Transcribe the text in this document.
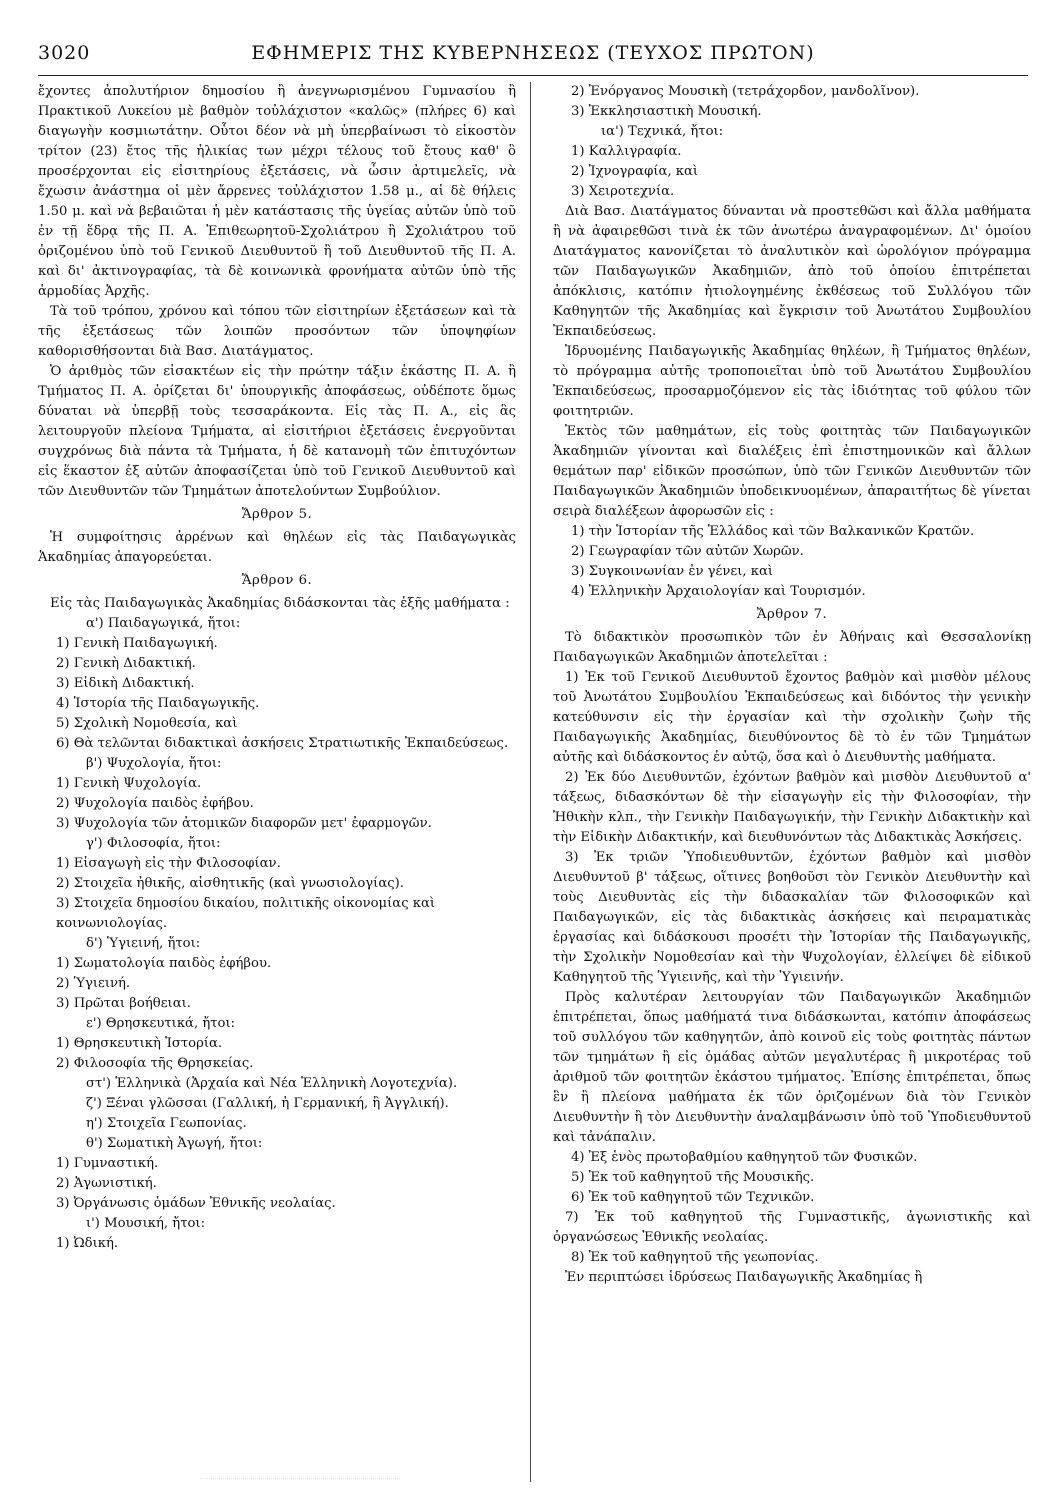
3020	ΕΦΗΜΕΡΙΣ ΤΗΣ ΚΥΒΕΡΝΗΣΕΩΣ (ΤΕΥΧΟΣ ΠΡΩΤΟΝ)

ἔχοντες ἀπολυτήριον δημοσίου ἢ ἀνεγνωρισμένου Γυμνασίου ἢ Πρακτικοῦ Λυκείου μὲ βαθμὸν τοὐλάχιστον «καλῶς» (πλήρες 6) καὶ διαγωγὴν κοσμιωτάτην. Οὗτοι δέον νὰ μὴ ὑπερβαίνωσι τὸ εἰκοστὸν τρίτον (23) ἔτος τῆς ἡλικίας των μέχρι τέλους τοῦ ἔτους καθ' ὃ προσέρχονται εἰς εἰσιτηρίους ἐξετάσεις, νὰ ὦσιν ἀρτιμελεῖς, νὰ ἔχωσιν ἀνάστημα οἱ μὲν ἄρρενες τοὐλάχιστον 1.58 μ., αἱ δὲ θήλεις 1.50 μ. καὶ νὰ βεβαιῶται ἡ μὲν κατάστασις τῆς ὑγείας αὐτῶν ὑπὸ τοῦ ἐν τῇ ἕδρᾳ τῆς Π. Α. Ἐπιθεωρητοῦ-Σχολιάτρου ἢ Σχολιάτρου τοῦ ὁριζομένου ὑπὸ τοῦ Γενικοῦ Διευθυντοῦ ἢ τοῦ Διευθυντοῦ τῆς Π. Α. καὶ δι' ἀκτινογραφίας, τὰ δὲ κοινωνικὰ φρονήματα αὐτῶν ὑπὸ τῆς ἁρμοδίας Ἀρχῆς.

Τὰ τοῦ τρόπου, χρόνου καὶ τόπου τῶν εἰσιτηρίων ἐξετάσεων καὶ τὰ τῆς ἐξετάσεως τῶν λοιπῶν προσόντων τῶν ὑποψηφίων καθορισθήσονται διὰ Βασ. Διατάγματος.

Ὁ ἀριθμὸς τῶν εἰσακτέων εἰς τὴν πρώτην τάξιν ἑκάστης Π. Α. ἢ Τμήματος Π. Α. ὁρίζεται δι' ὑπουργικῆς ἀποφάσεως, οὐδέποτε ὅμως δύναται νὰ ὑπερβῇ τοὺς τεσσαράκοντα. Εἰς τὰς Π. Α., εἰς ἃς λειτουργοῦν πλείονα Τμήματα, αἱ εἰσιτήριοι ἐξετάσεις ἐνεργοῦνται συγχρόνως διὰ πάντα τὰ Τμήματα, ἡ δὲ κατανομὴ τῶν ἐπιτυχόντων εἰς ἕκαστον ἐξ αὐτῶν ἀποφασίζεται ὑπὸ τοῦ Γενικοῦ Διευθυντοῦ καὶ τῶν Διευθυντῶν τῶν Τμημάτων ἀποτελούντων Συμβούλιον.

Ἄρθρον 5.

Ἡ συμφοίτησις ἀρρένων καὶ θηλέων εἰς τὰς Παιδαγωγικὰς Ἀκαδημίας ἀπαγορεύεται.

Ἄρθρον 6.

Εἰς τὰς Παιδαγωγικὰς Ἀκαδημίας διδάσκονται τὰς ἑξῆς μαθήματα :

α') Παιδαγωγικά, ἤτοι:
1) Γενικὴ Παιδαγωγική.
2) Γενικὴ Διδακτική.
3) Εἰδικὴ Διδακτική.
4) Ἱστορία τῆς Παιδαγωγικῆς.
5) Σχολικὴ Νομοθεσία, καὶ
6) Θὰ τελῶνται διδακτικαὶ ἀσκήσεις Στρατιωτικῆς Ἐκπαιδεύσεως.
β') Ψυχολογία, ἤτοι:
1) Γενικὴ Ψυχολογία.
2) Ψυχολογία παιδὸς ἐφήβου.
3) Ψυχολογία τῶν ἀτομικῶν διαφορῶν μετ' ἐφαρμογῶν.
γ') Φιλοσοφία, ἤτοι:
1) Εἰσαγωγὴ εἰς τὴν Φιλοσοφίαν.
2) Στοιχεῖα ἠθικῆς, αἰσθητικῆς (καὶ γνωσιολογίας).
3) Στοιχεῖα δημοσίου δικαίου, πολιτικῆς οἰκονομίας καὶ κοινωνιολογίας.
δ') Ὑγιεινή, ἤτοι:
1) Σωματολογία παιδὸς ἐφήβου.
2) Ὑγιεινή.
3) Πρῶται βοήθειαι.
ε') Θρησκευτικά, ἤτοι:
1) Θρησκευτικὴ Ἱστορία.
2) Φιλοσοφία τῆς Θρησκείας.
στ') Ἑλληνικὰ (Ἀρχαία καὶ Νέα Ἑλληνικὴ Λογοτεχνία).
ζ') Ξέναι γλῶσσαι (Γαλλική, ἡ Γερμανική, ἢ Ἀγγλική).
η') Στοιχεῖα Γεωπονίας.
θ') Σωματικὴ Ἀγωγή, ἤτοι:
1) Γυμναστική.
2) Ἀγωνιστική.
3) Ὀργάνωσις ὁμάδων Ἐθνικῆς νεολαίας.
ι') Μουσική, ἤτοι:
1) Ὠδική.
2) Ἐνόργανος Μουσικὴ (τετράχορδον, μανδολῖνον).
3) Ἐκκλησιαστικὴ Μουσική.
ια') Τεχνικά, ἤτοι:
1) Καλλιγραφία.
2) Ἰχνογραφία, καὶ
3) Χειροτεχνία.

Διὰ Βασ. Διατάγματος δύνανται νὰ προστεθῶσι καὶ ἄλλα μαθήματα ἢ νὰ ἀφαιρεθῶσι τινὰ ἐκ τῶν ἀνωτέρω ἀναγραφομένων. Δι' ὁμοίου Διατάγματος κανονίζεται τὸ ἀναλυτικὸν καὶ ὡρολόγιον πρόγραμμα τῶν Παιδαγωγικῶν Ἀκαδημιῶν, ἀπὸ τοῦ ὁποίου ἐπιτρέπεται ἀπόκλισις, κατόπιν ἠτιολογημένης ἐκθέσεως τοῦ Συλλόγου τῶν Καθηγητῶν τῆς Ἀκαδημίας καὶ ἔγκρισιν τοῦ Ἀνωτάτου Συμβουλίου Ἐκπαιδεύσεως.

Ἱδρυομένης Παιδαγωγικῆς Ἀκαδημίας θηλέων, ἢ Τμήματος θηλέων, τὸ πρόγραμμα αὐτῆς τροποποιεῖται ὑπὸ τοῦ Ἀνωτάτου Συμβουλίου Ἐκπαιδεύσεως, προσαρμοζόμενον εἰς τὰς ἰδιότητας τοῦ φύλου τῶν φοιτητριῶν.

Ἐκτὸς τῶν μαθημάτων, εἰς τοὺς φοιτητὰς τῶν Παιδαγωγικῶν Ἀκαδημιῶν γίνονται καὶ διαλέξεις ἐπὶ ἐπιστημονικῶν καὶ ἄλλων θεμάτων παρ' εἰδικῶν προσώπων, ὑπὸ τῶν Γενικῶν Διευθυντῶν τῶν Παιδαγωγικῶν Ἀκαδημιῶν ὑποδεικνυομένων, ἀπαραιτήτως δὲ γίνεται σειρὰ διαλέξεων ἀφορωσῶν εἰς :

1) τὴν Ἱστορίαν τῆς Ἑλλάδος καὶ τῶν Βαλκανικῶν Κρατῶν.
2) Γεωγραφίαν τῶν αὐτῶν Χωρῶν.
3) Συγκοινωνίαν ἐν γένει, καὶ
4) Ἑλληνικὴν Ἀρχαιολογίαν καὶ Τουρισμόν.
Ἄρθρον 7.

Τὸ διδακτικὸν προσωπικὸν τῶν ἐν Ἀθήναις καὶ Θεσσαλονίκῃ Παιδαγωγικῶν Ἀκαδημιῶν ἀποτελεῖται :

1) Ἐκ τοῦ Γενικοῦ Διευθυντοῦ ἔχοντος βαθμὸν καὶ μισθὸν μέλους τοῦ Ἀνωτάτου Συμβουλίου Ἐκπαιδεύσεως καὶ διδόντος τὴν γενικὴν κατεύθυνσιν εἰς τὴν ἐργασίαν καὶ τὴν σχολικὴν ζωὴν τῆς Παιδαγωγικῆς Ἀκαδημίας, διευθύνοντος δὲ τὸ ἐν τῶν Τμημάτων αὐτῆς καὶ διδάσκοντος ἐν αὐτῷ, ὅσα καὶ ὁ Διευθυντὴς μαθήματα.

2) Ἐκ δύο Διευθυντῶν, ἐχόντων βαθμὸν καὶ μισθὸν Διευθυντοῦ α' τάξεως, διδασκόντων δὲ τὴν εἰσαγωγὴν εἰς τὴν Φιλοσοφίαν, τὴν Ἠθικὴν κλπ., τὴν Γενικὴν Παιδαγωγικήν, τὴν Γενικὴν Διδακτικὴν καὶ τὴν Εἰδικὴν Διδακτικήν, καὶ διευθυνόντων τὰς Διδακτικὰς Ἀσκήσεις.

3) Ἐκ τριῶν Ὑποδιευθυντῶν, ἐχόντων βαθμὸν καὶ μισθὸν Διευθυντοῦ β' τάξεως, οἵτινες βοηθοῦσι τὸν Γενικὸν Διευθυντὴν καὶ τοὺς Διευθυντὰς εἰς τὴν διδασκαλίαν τῶν Φιλοσοφικῶν καὶ Παιδαγωγικῶν, εἰς τὰς διδακτικὰς ἀσκήσεις καὶ πειραματικὰς ἐργασίας καὶ διδάσκουσι προσέτι τὴν Ἱστορίαν τῆς Παιδαγωγικῆς, τὴν Σχολικὴν Νομοθεσίαν καὶ τὴν Ψυχολογίαν, ἐλλείψει δὲ εἰδικοῦ Καθηγητοῦ τῆς Ὑγιεινῆς, καὶ τὴν Ὑγιεινήν.

Πρὸς καλυτέραν λειτουργίαν τῶν Παιδαγωγικῶν Ἀκαδημιῶν ἐπιτρέπεται, ὅπως μαθήματά τινα διδάσκωνται, κατόπιν ἀποφάσεως τοῦ συλλόγου τῶν καθηγητῶν, ἀπὸ κοινοῦ εἰς τοὺς φοιτητὰς πάντων τῶν τμημάτων ἢ εἰς ὁμάδας αὐτῶν μεγαλυτέρας ἢ μικροτέρας τοῦ ἀριθμοῦ τῶν φοιτητῶν ἑκάστου τμήματος. Ἐπίσης ἐπιτρέπεται, ὅπως ἓν ἢ πλείονα μαθήματα ἐκ τῶν ὁριζομένων διὰ τὸν Γενικὸν Διευθυντὴν ἢ τὸν Διευθυντὴν ἀναλαμβάνωσιν ὑπὸ τοῦ Ὑποδιευθυντοῦ καὶ τἀνάπαλιν.

4) Ἐξ ἑνὸς πρωτοβαθμίου καθηγητοῦ τῶν Φυσικῶν.
5) Ἐκ τοῦ καθηγητοῦ τῆς Μουσικῆς.
6) Ἐκ τοῦ καθηγητοῦ τῶν Τεχνικῶν.

7) Ἐκ τοῦ καθηγητοῦ τῆς Γυμναστικῆς, ἀγωνιστικῆς καὶ ὀργανώσεως Ἐθνικῆς νεολαίας.

8) Ἐκ τοῦ καθηγητοῦ τῆς γεωπονίας.

Ἐν περιπτώσει ἱδρύσεως Παιδαγωγικῆς Ἀκαδημίας ἢ
